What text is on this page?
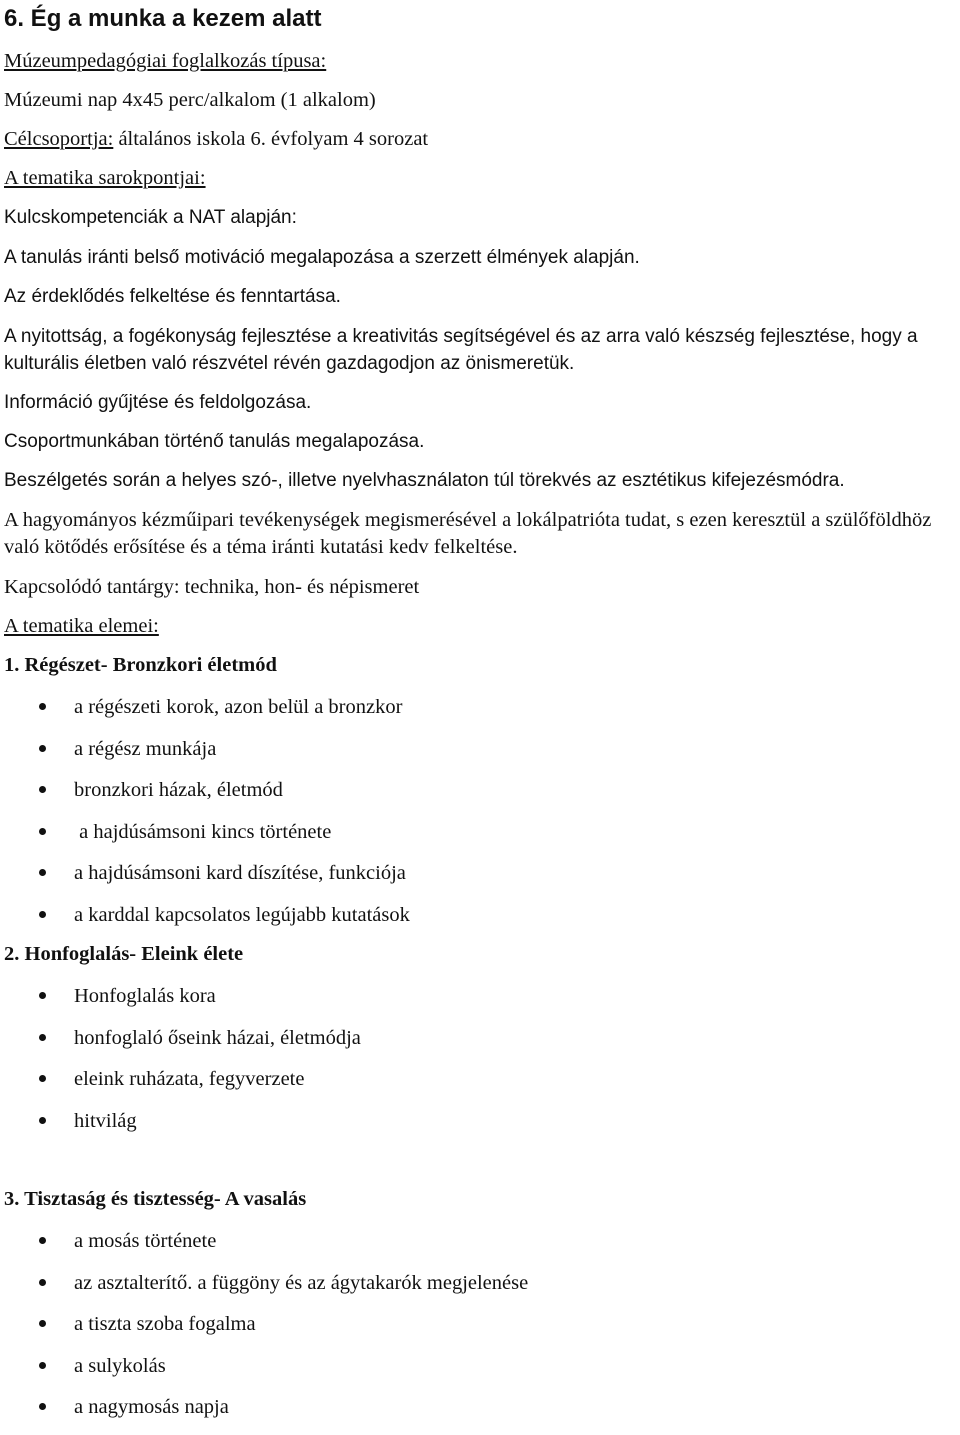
6. Ég a munka a kezem alatt

Múzeumpedagógiai foglalkozás típusa:

Múzeumi nap 4x45 perc/alkalom (1 alkalom)

Célcsoportja: általános iskola 6. évfolyam 4 sorozat

A tematika sarokpontjai:

Kulcskompetenciák a NAT alapján:

A tanulás iránti belső motiváció megalapozása a szerzett élmények alapján.

Az érdeklődés felkeltése és fenntartása.

A nyitottság, a fogékonyság fejlesztése a kreativitás segítségével és az arra való készség fejlesztése, hogy a kulturális életben való részvétel révén gazdagodjon az önismeretük.

Információ gyűjtése és feldolgozása.

Csoportmunkában történő tanulás megalapozása.

Beszélgetés során a helyes szó-, illetve nyelvhasználaton túl törekvés az esztétikus kifejezésmódra.

A hagyományos kézműipari tevékenységek megismerésével a lokálpatrióta tudat, s ezen keresztül a szülőföldhöz való kötődés erősítése és a téma iránti kutatási kedv felkeltése.

Kapcsolódó tantárgy: technika, hon- és népismeret

A tematika elemei:

1. Régészet- Bronzkori életmód

a régészeti korok, azon belül a bronzkor
a régész munkája
bronzkori házak, életmód
a hajdúsámsoni kincs története
a hajdúsámsoni kard díszítése, funkciója
a karddal kapcsolatos legújabb kutatások

2. Honfoglalás- Eleink élete

Honfoglalás kora
honfoglaló őseink házai, életmódja
eleink ruházata, fegyverzete
hitvilág

3. Tisztaság és tisztesség- A vasalás

a mosás története
az asztalterítő. a függöny és az ágytakarók megjelenése
a tiszta szoba fogalma
a sulykolás
a nagymosás napja
